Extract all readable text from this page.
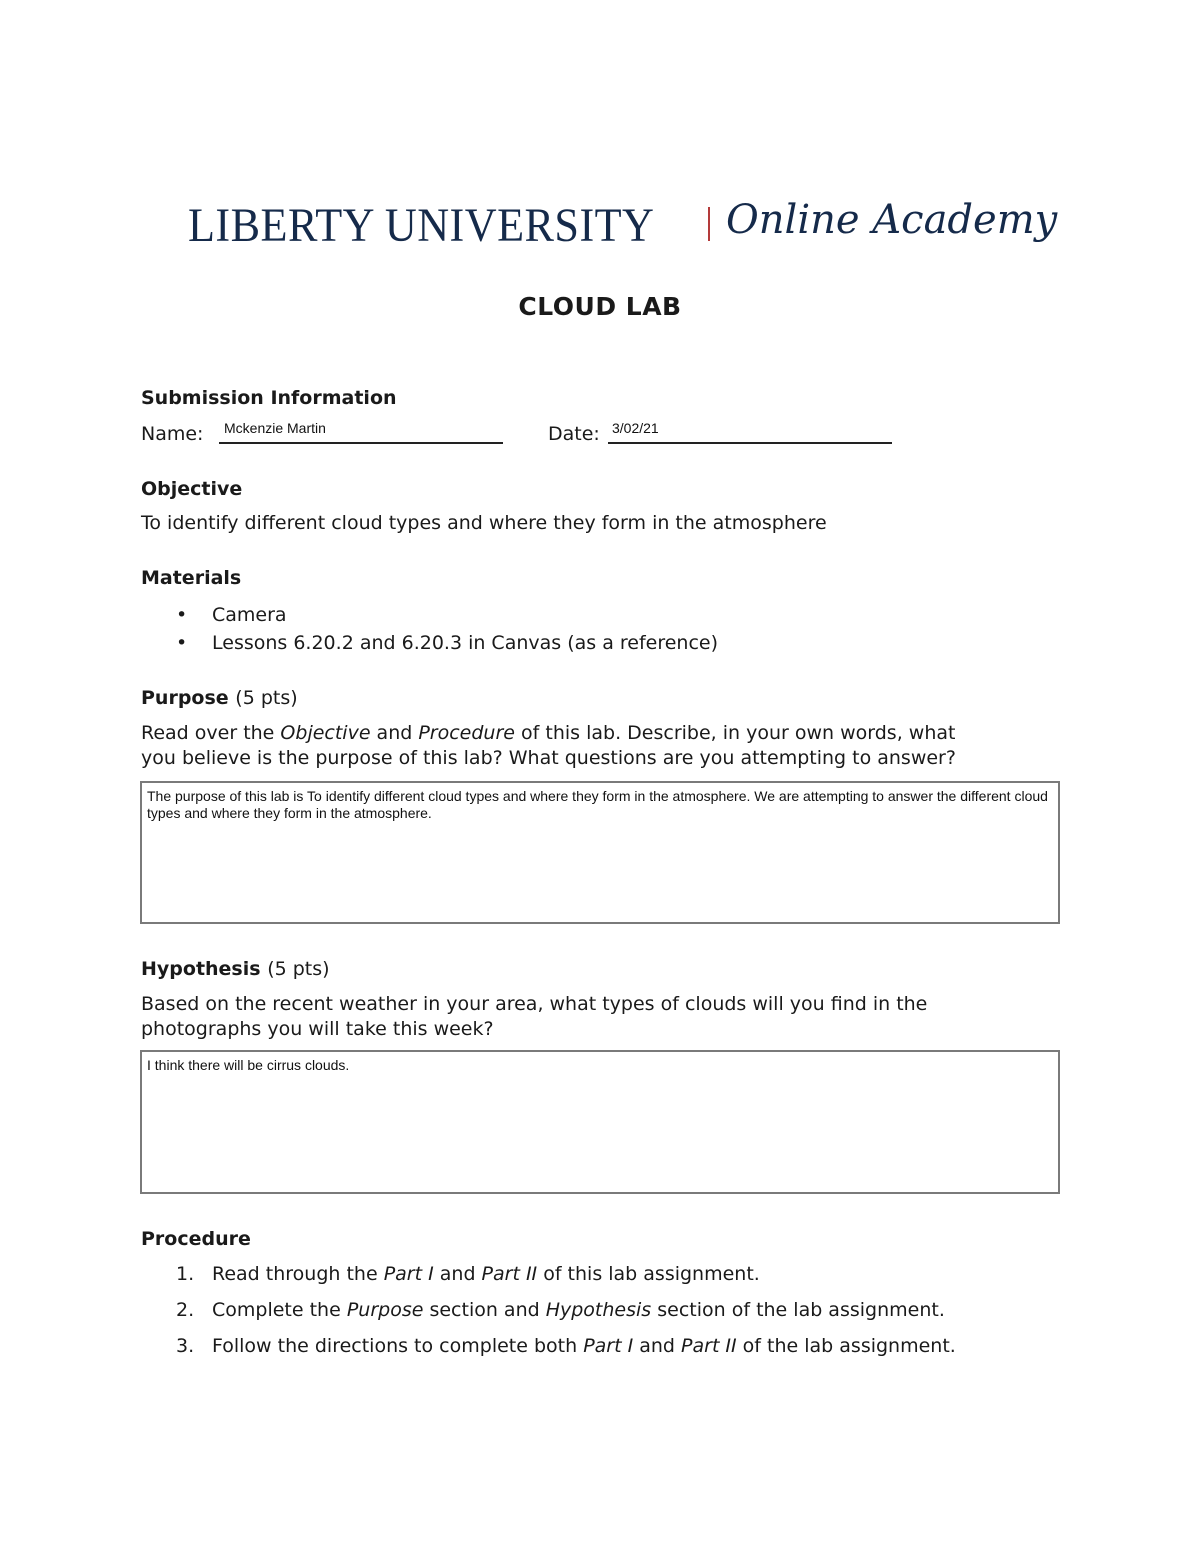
LIBERTY UNIVERSITY Online Academy
CLOUD LAB
Submission Information
Name: Mckenzie Martin	Date: 3/02/21
Objective
To identify different cloud types and where they form in the atmosphere
Materials
• Camera
• Lessons 6.20.2 and 6.20.3 in Canvas (as a reference)
Purpose (5 pts)
Read over the Objective and Procedure of this lab. Describe, in your own words, what
you believe is the purpose of this lab? What questions are you attempting to answer?
The purpose of this lab is To identify different cloud types and where they form in the atmosphere. We are attempting to answer the different cloud types and where they form in the atmosphere.
Hypothesis (5 pts)
Based on the recent weather in your area, what types of clouds will you find in the
photographs you will take this week?
I think there will be cirrus clouds.
Procedure
1. Read through the Part I and Part II of this lab assignment.
2. Complete the Purpose section and Hypothesis section of the lab assignment.
3. Follow the directions to complete both Part I and Part II of the lab assignment.
